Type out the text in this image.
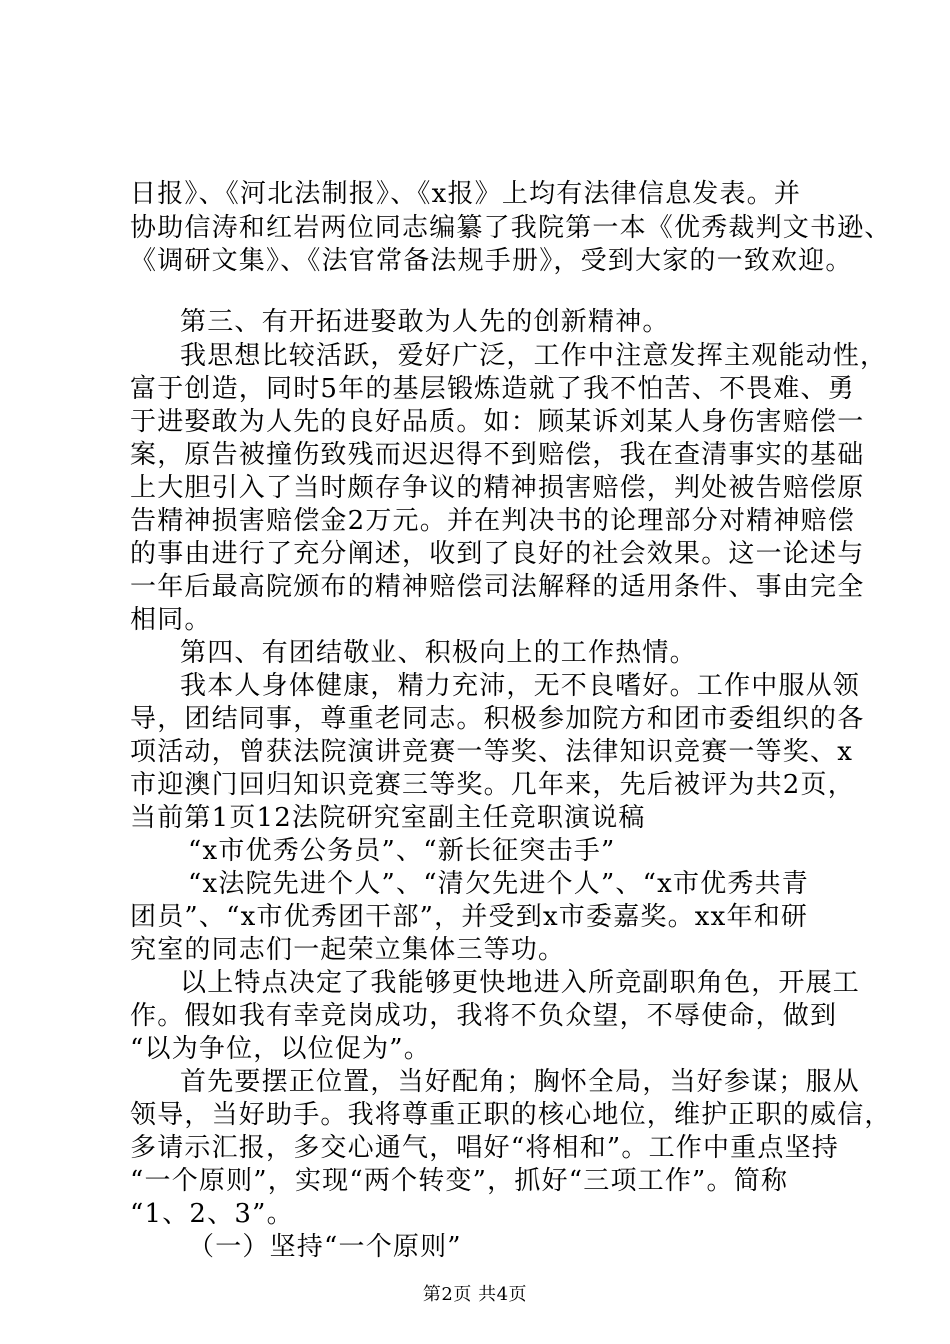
日报》、《河北法制报》、《x报》上均有法律信息发表。并
协助信涛和红岩两位同志编纂了我院第一本《优秀裁判文书逊、
《调研文集》、《法官常备法规手册》，受到大家的一致欢迎。
第三、有开拓进娶敢为人先的创新精神。
我思想比较活跃，爱好广泛，工作中注意发挥主观能动性，
富于创造，同时5年的基层锻炼造就了我不怕苦、不畏难、勇
于进娶敢为人先的良好品质。如：顾某诉刘某人身伤害赔偿一
案，原告被撞伤致残而迟迟得不到赔偿，我在查清事实的基础
上大胆引入了当时颇存争议的精神损害赔偿，判处被告赔偿原
告精神损害赔偿金2万元。并在判决书的论理部分对精神赔偿
的事由进行了充分阐述，收到了良好的社会效果。这一论述与
一年后最高院颁布的精神赔偿司法解释的适用条件、事由完全
相同。
第四、有团结敬业、积极向上的工作热情。
我本人身体健康，精力充沛，无不良嗜好。工作中服从领
导，团结同事，尊重老同志。积极参加院方和团市委组织的各
项活动，曾获法院演讲竞赛一等奖、法律知识竞赛一等奖、x
市迎澳门回归知识竞赛三等奖。几年来，先后被评为共2页，
当前第1页12法院研究室副主任竞职演说稿
“x市优秀公务员”、“新长征突击手”
“x法院先进个人”、“清欠先进个人”、“x市优秀共青
团员”、“x市优秀团干部”，并受到x市委嘉奖。xx年和研
究室的同志们一起荣立集体三等功。
以上特点决定了我能够更快地进入所竞副职角色，开展工
作。假如我有幸竞岗成功，我将不负众望，不辱使命，做到
“以为争位，以位促为”。
首先要摆正位置，当好配角；胸怀全局，当好参谋；服从
领导，当好助手。我将尊重正职的核心地位，维护正职的威信，
多请示汇报，多交心通气，唱好“将相和”。工作中重点坚持
“一个原则”，实现“两个转变”，抓好“三项工作”。简称
“1、2、3”。
（一）坚持“一个原则”
第2页 共4页
